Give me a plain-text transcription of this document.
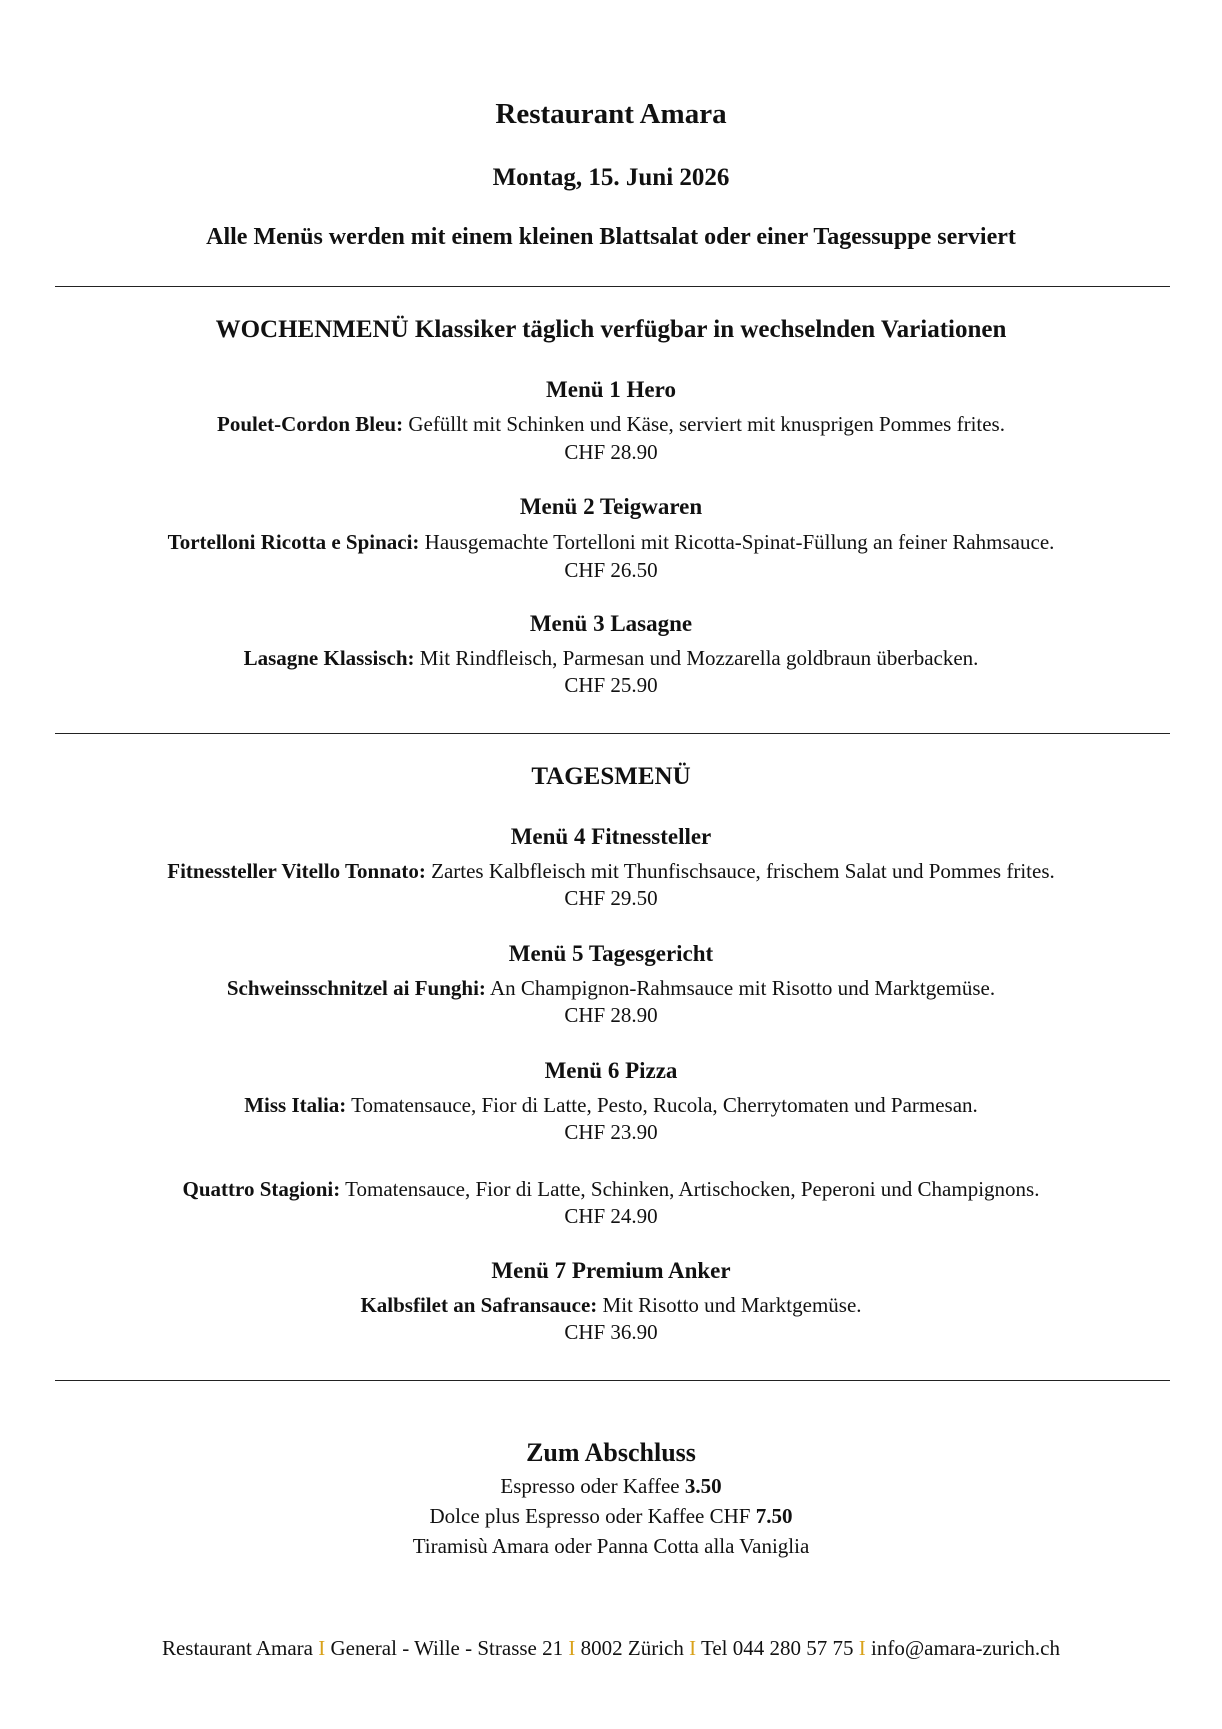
Restaurant Amara
Montag, 15. Juni 2026
Alle Menüs werden mit einem kleinen Blattsalat oder einer Tagessuppe serviert
WOCHENMENÜ Klassiker täglich verfügbar in wechselnden Variationen
Menü 1 Hero
Poulet-Cordon Bleu: Gefüllt mit Schinken und Käse, serviert mit knusprigen Pommes frites.
CHF 28.90
Menü 2 Teigwaren
Tortelloni Ricotta e Spinaci: Hausgemachte Tortelloni mit Ricotta-Spinat-Füllung an feiner Rahmsauce.
CHF 26.50
Menü 3 Lasagne
Lasagne Klassisch: Mit Rindfleisch, Parmesan und Mozzarella goldbraun überbacken.
CHF 25.90
TAGESMENÜ
Menü 4 Fitnessteller
Fitnessteller Vitello Tonnato: Zartes Kalbfleisch mit Thunfischsauce, frischem Salat und Pommes frites.
CHF 29.50
Menü 5 Tagesgericht
Schweinsschnitzel ai Funghi: An Champignon-Rahmsauce mit Risotto und Marktgemüse.
CHF 28.90
Menü 6 Pizza
Miss Italia: Tomatensauce, Fior di Latte, Pesto, Rucola, Cherrytomaten und Parmesan.
CHF 23.90
Quattro Stagioni: Tomatensauce, Fior di Latte, Schinken, Artischocken, Peperoni und Champignons.
CHF 24.90
Menü 7 Premium Anker
Kalbsfilet an Safransauce: Mit Risotto und Marktgemüse.
CHF 36.90
Zum Abschluss
Espresso oder Kaffee 3.50
Dolce plus Espresso oder Kaffee CHF 7.50
Tiramisù Amara oder Panna Cotta alla Vaniglia
Restaurant Amara I General - Wille - Strasse 21 I 8002 Zürich I Tel 044 280 57 75 I info@amara-zurich.ch
